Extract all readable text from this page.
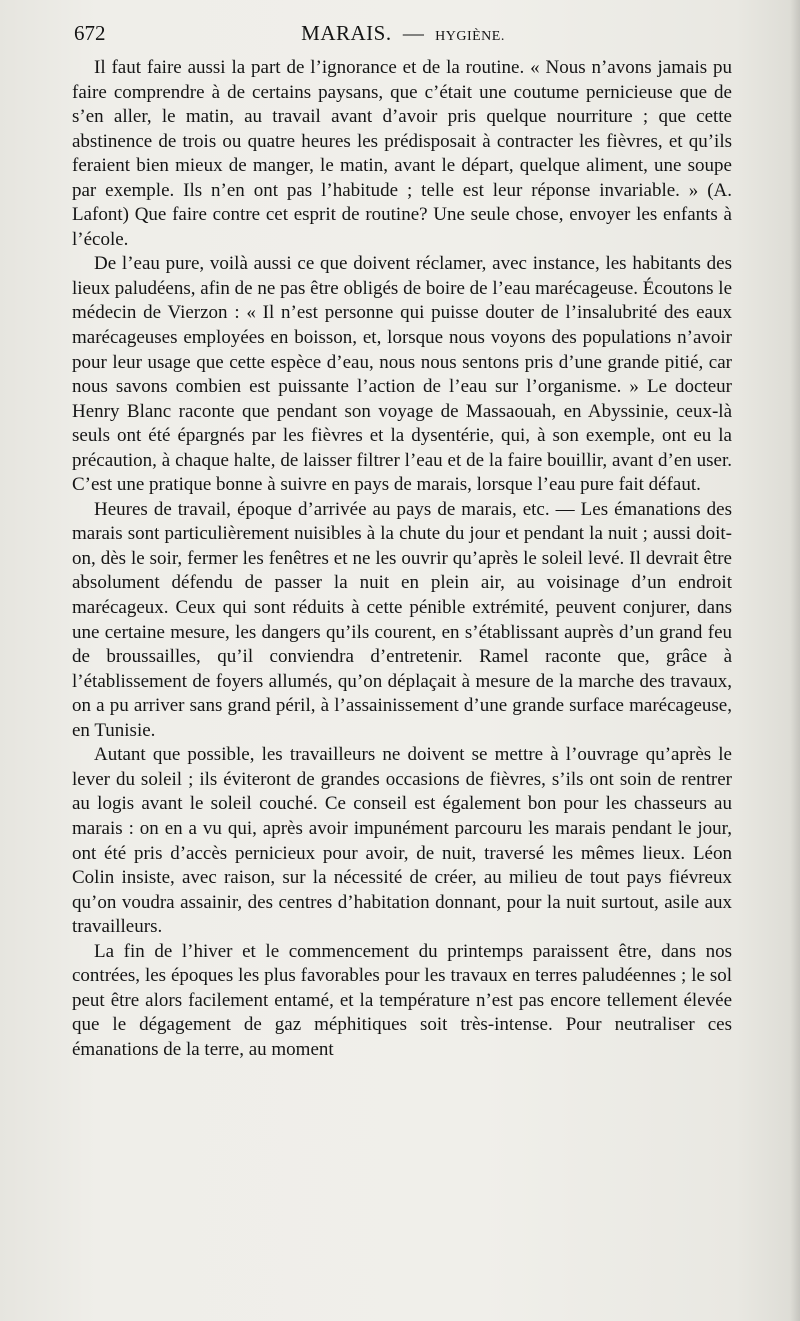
672	MARAIS. — HYGIÈNE.

Il faut faire aussi la part de l’ignorance et de la routine. « Nous n’avons jamais pu faire comprendre à de certains paysans, que c’était une coutume pernicieuse que de s’en aller, le matin, au travail avant d’avoir pris quelque nourriture ; que cette abstinence de trois ou quatre heures les prédisposait à contracter les fièvres, et qu’ils feraient bien mieux de manger, le matin, avant le départ, quelque aliment, une soupe par exemple. Ils n’en ont pas l’habitude ; telle est leur réponse invariable. » (A. Lafont) Que faire contre cet esprit de routine? Une seule chose, envoyer les enfants à l’école.

De l’eau pure, voilà aussi ce que doivent réclamer, avec instance, les habitants des lieux paludéens, afin de ne pas être obligés de boire de l’eau marécageuse. Écoutons le médecin de Vierzon : « Il n’est personne qui puisse douter de l’insalubrité des eaux marécageuses employées en boisson, et, lorsque nous voyons des populations n’avoir pour leur usage que cette espèce d’eau, nous nous sentons pris d’une grande pitié, car nous savons combien est puissante l’action de l’eau sur l’organisme. » Le docteur Henry Blanc raconte que pendant son voyage de Massaouah, en Abyssinie, ceux-là seuls ont été épargnés par les fièvres et la dysentérie, qui, à son exemple, ont eu la précaution, à chaque halte, de laisser filtrer l’eau et de la faire bouillir, avant d’en user. C’est une pratique bonne à suivre en pays de marais, lorsque l’eau pure fait défaut.

Heures de travail, époque d’arrivée au pays de marais, etc. — Les émanations des marais sont particulièrement nuisibles à la chute du jour et pendant la nuit ; aussi doit-on, dès le soir, fermer les fenêtres et ne les ouvrir qu’après le soleil levé. Il devrait être absolument défendu de passer la nuit en plein air, au voisinage d’un endroit marécageux. Ceux qui sont réduits à cette pénible extrémité, peuvent conjurer, dans une certaine mesure, les dangers qu’ils courent, en s’établissant auprès d’un grand feu de broussailles, qu’il conviendra d’entretenir. Ramel raconte que, grâce à l’établissement de foyers allumés, qu’on déplaçait à mesure de la marche des travaux, on a pu arriver sans grand péril, à l’assainissement d’une grande surface marécageuse, en Tunisie.

Autant que possible, les travailleurs ne doivent se mettre à l’ouvrage qu’après le lever du soleil ; ils éviteront de grandes occasions de fièvres, s’ils ont soin de rentrer au logis avant le soleil couché. Ce conseil est également bon pour les chasseurs au marais : on en a vu qui, après avoir impunément parcouru les marais pendant le jour, ont été pris d’accès pernicieux pour avoir, de nuit, traversé les mêmes lieux. Léon Colin insiste, avec raison, sur la nécessité de créer, au milieu de tout pays fiévreux qu’on voudra assainir, des centres d’habitation donnant, pour la nuit surtout, asile aux travailleurs.

La fin de l’hiver et le commencement du printemps paraissent être, dans nos contrées, les époques les plus favorables pour les travaux en terres paludéennes ; le sol peut être alors facilement entamé, et la température n’est pas encore tellement élevée que le dégagement de gaz méphitiques soit très-intense. Pour neutraliser ces émanations de la terre, au moment
